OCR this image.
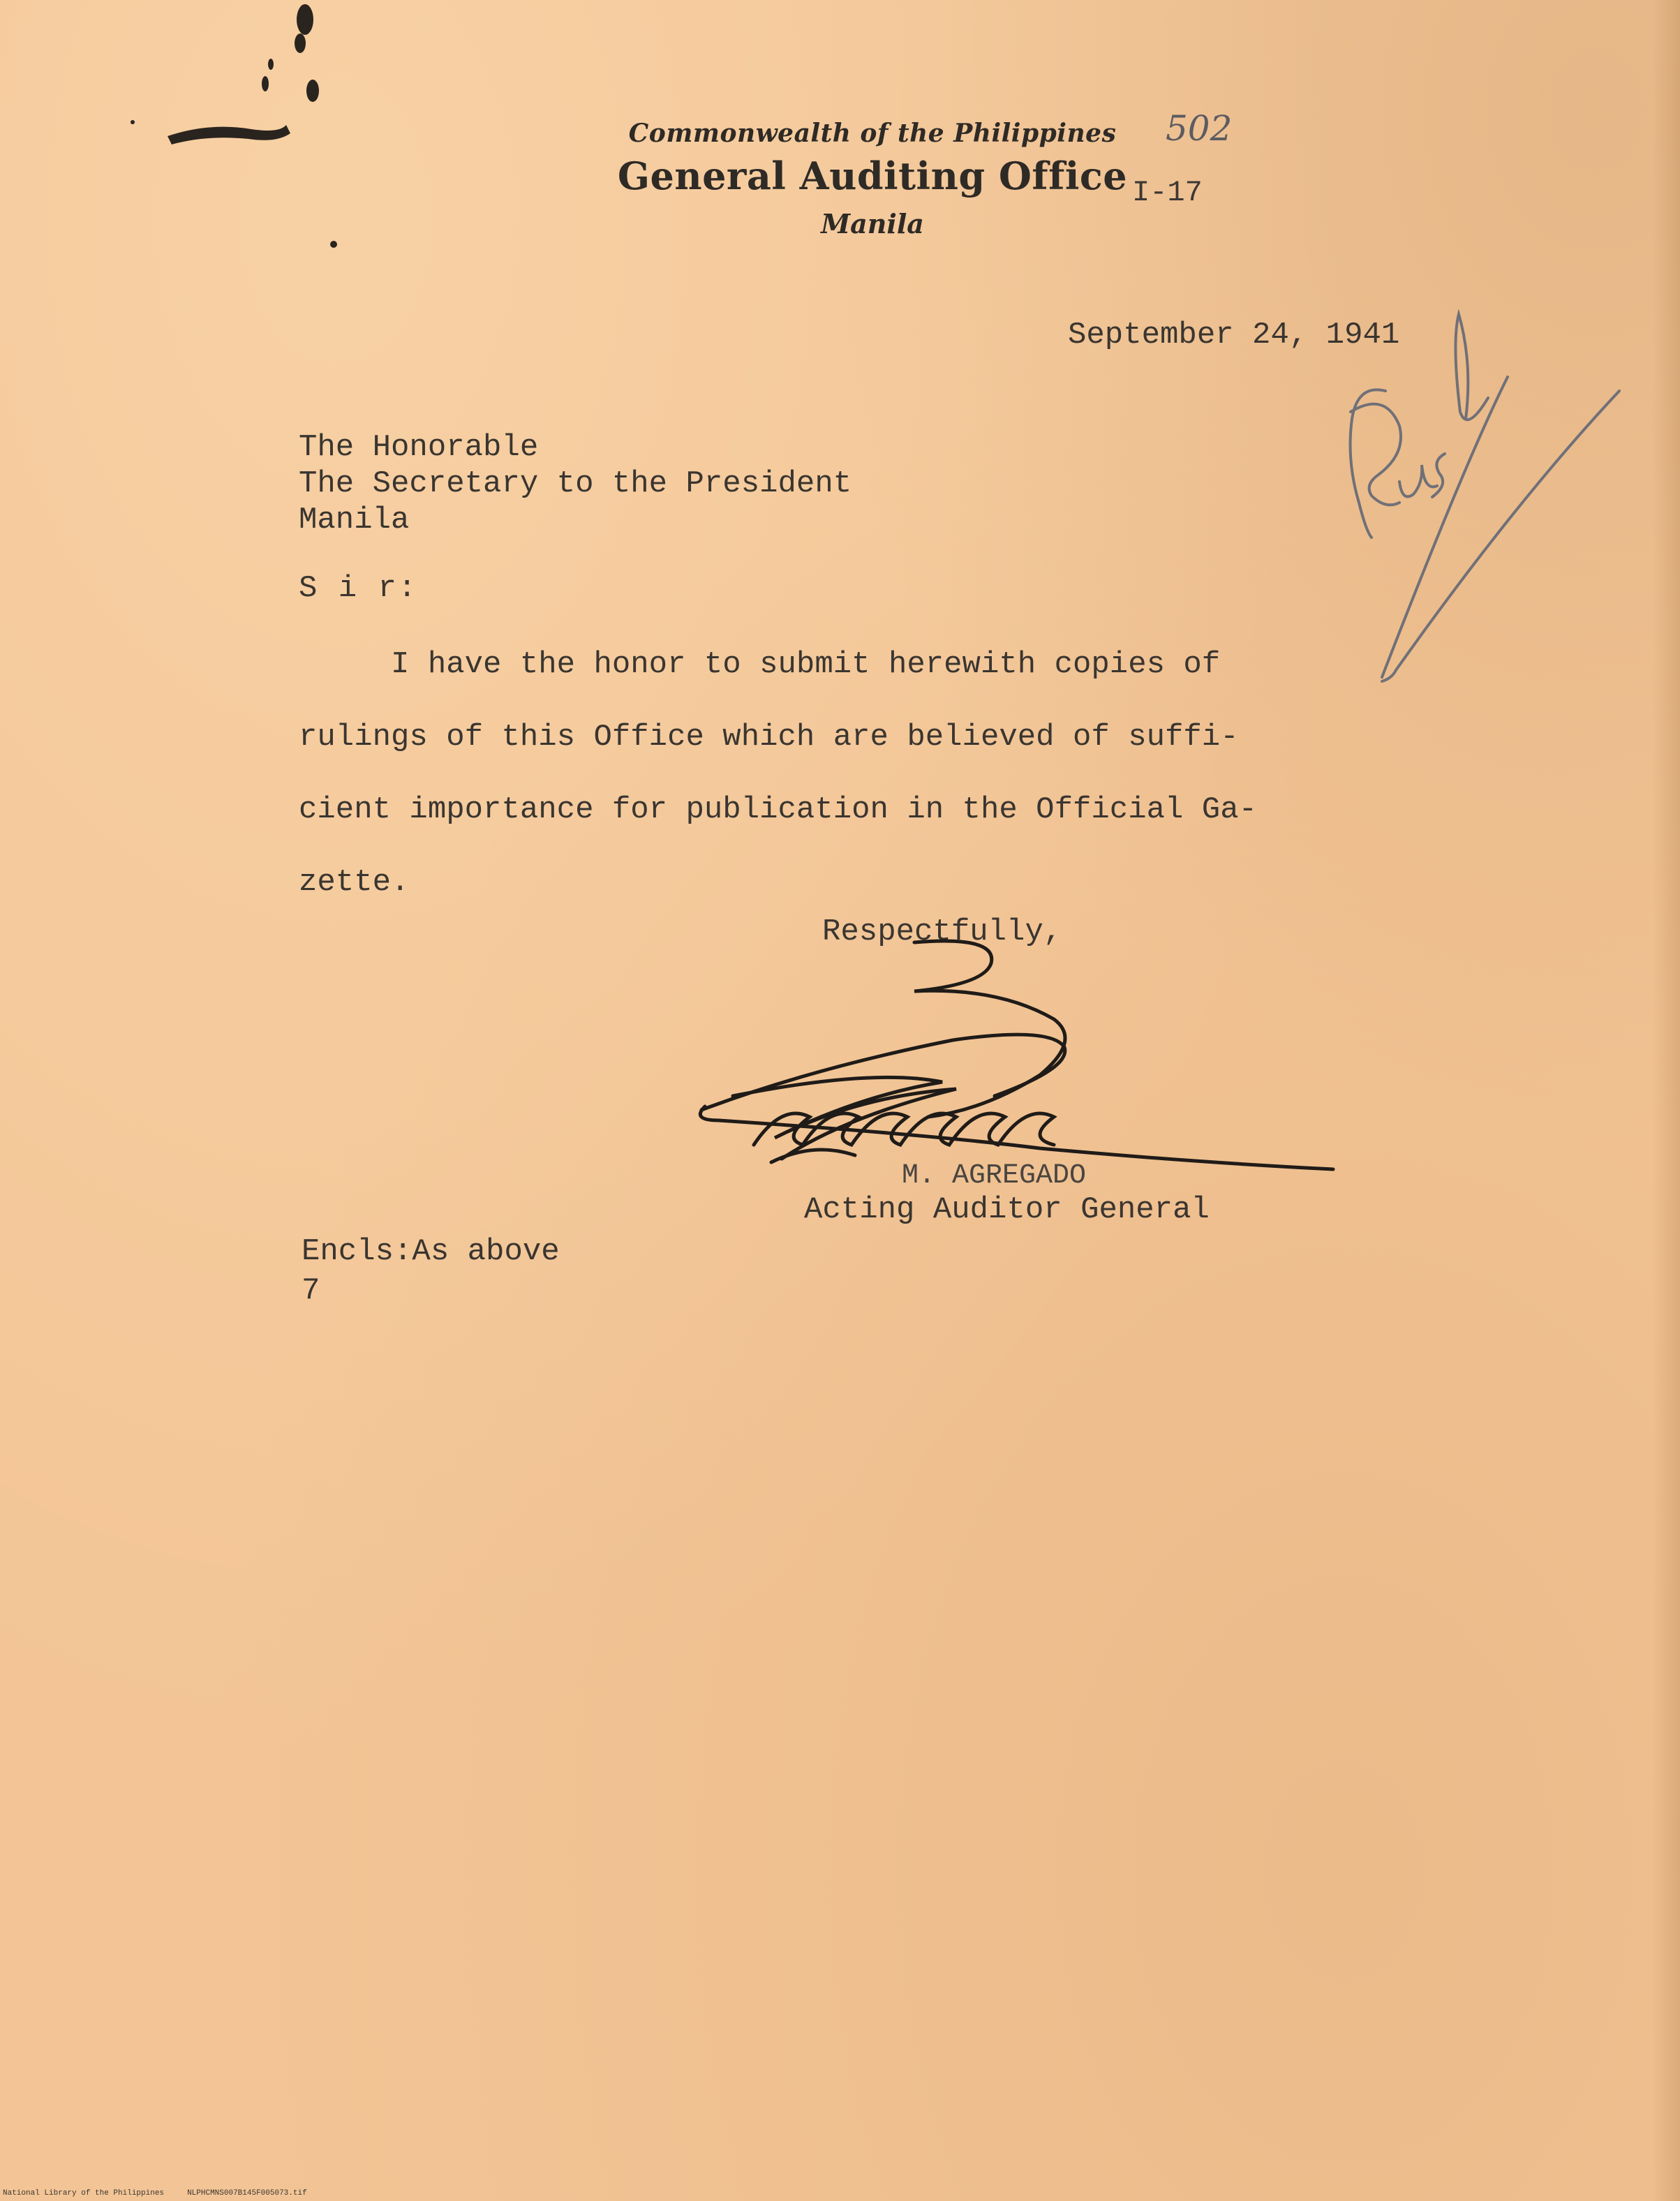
Commonwealth of the Philippines
General Auditing Office
Manila
502
I-17
September 24, 1941
The Honorable
The Secretary to the President
Manila
S i r:
I have the honor to submit herewith copies of
rulings of this Office which are believed of suffi-
cient importance for publication in the Official Ga-
zette.
Respectfully,
M. AGREGADO
Acting Auditor General
Encls:As above
7
National Library of the Philippines	NLPHCMNS007B145F005073.tif
